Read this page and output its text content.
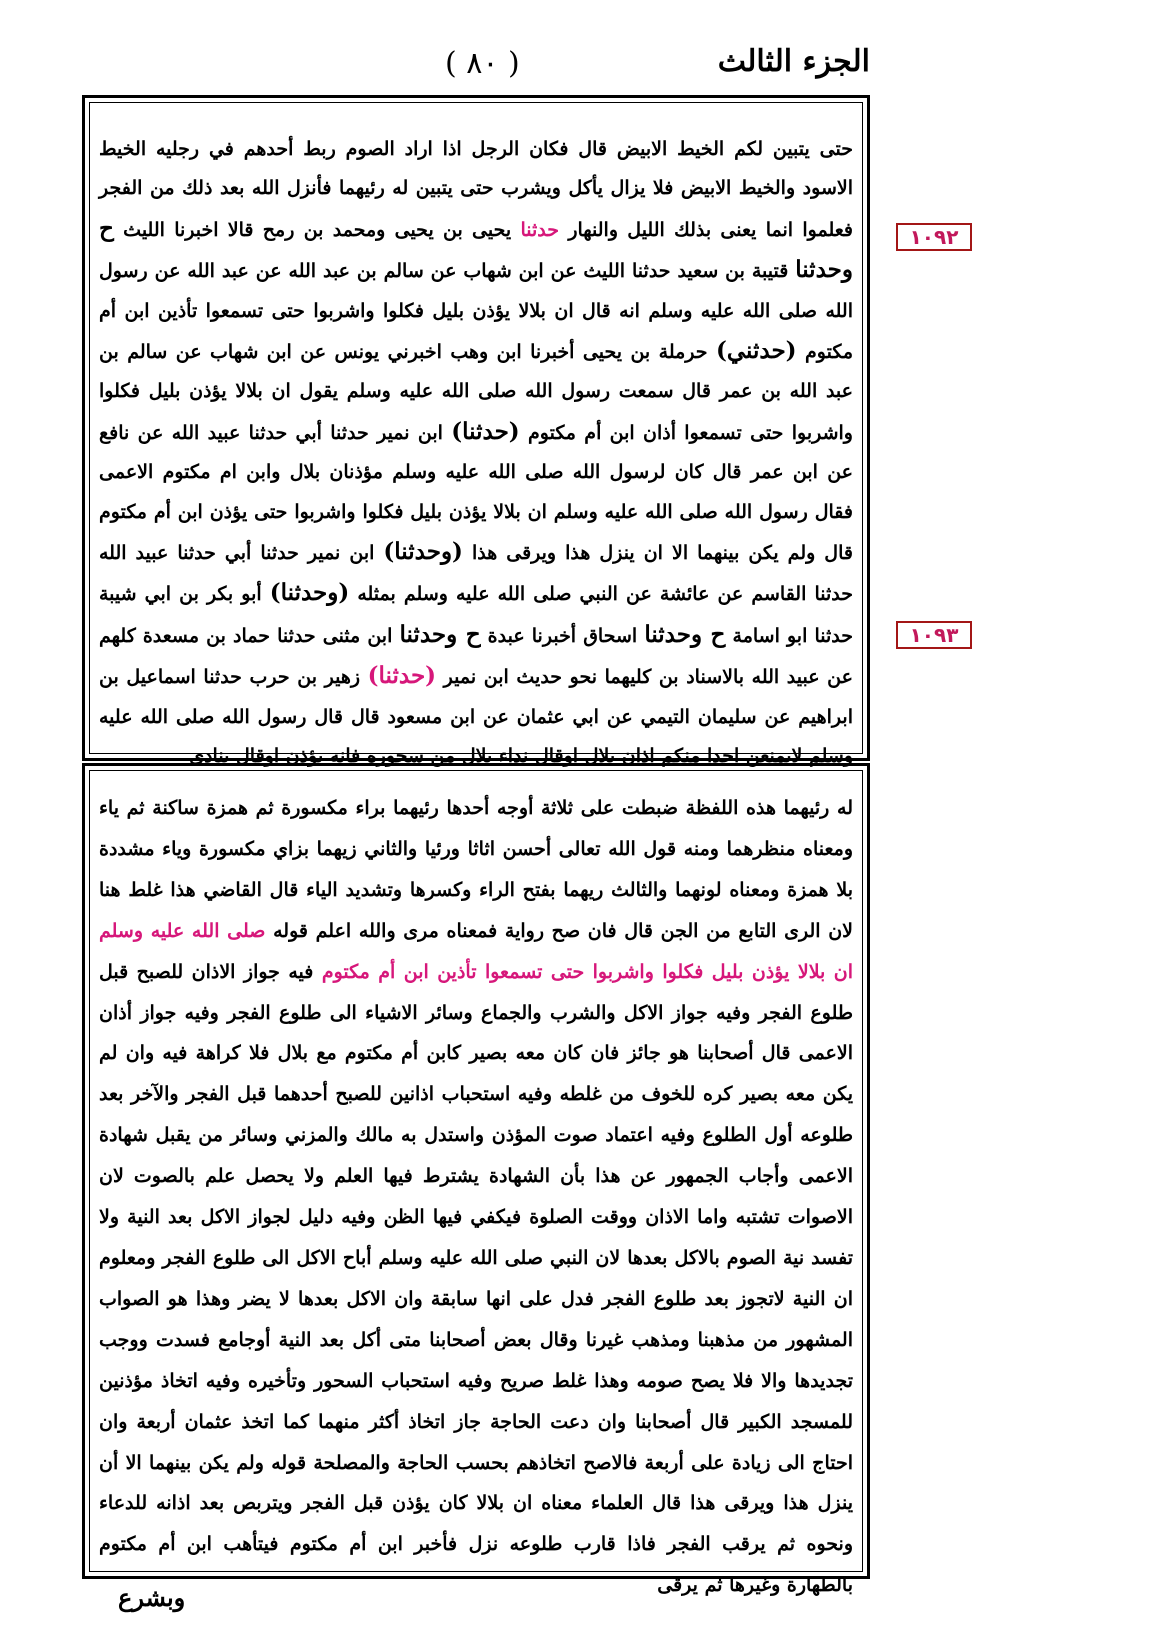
الجزء الثالث
( ٨٠ )

حتى يتبين لكم الخيط الابيض قال فكان الرجل اذا اراد الصوم ربط أحدهم في رجليه الخيط الاسود والخيط الابيض فلا يزال يأكل ويشرب حتى يتبين له رئيهما فأنزل الله بعد ذلك من الفجر فعلموا انما يعنى بذلك الليل والنهار حدثنا يحيى بن يحيى ومحمد بن رمح قالا اخبرنا الليث ح وحدثنا قتيبة بن سعيد حدثنا الليث عن ابن شهاب عن سالم بن عبد الله عن عبد الله عن رسول الله صلى الله عليه وسلم انه قال ان بلالا يؤذن بليل فكلوا واشربوا حتى تسمعوا تأذين ابن أم مكتوم (حدثني) حرملة بن يحيى أخبرنا ابن وهب اخبرني يونس عن ابن شهاب عن سالم بن عبد الله بن عمر قال سمعت رسول الله صلى الله عليه وسلم يقول ان بلالا يؤذن بليل فكلوا واشربوا حتى تسمعوا أذان ابن أم مكتوم (حدثنا) ابن نمير حدثنا أبي حدثنا عبيد الله عن نافع عن ابن عمر قال كان لرسول الله صلى الله عليه وسلم مؤذنان بلال وابن ام مكتوم الاعمى فقال رسول الله صلى الله عليه وسلم ان بلالا يؤذن بليل فكلوا واشربوا حتى يؤذن ابن أم مكتوم قال ولم يكن بينهما الا ان ينزل هذا ويرقى هذا (وحدثنا) ابن نمير حدثنا أبي حدثنا عبيد الله حدثنا القاسم عن عائشة عن النبي صلى الله عليه وسلم بمثله (وحدثنا) أبو بكر بن ابي شيبة حدثنا ابو اسامة ح وحدثنا اسحاق أخبرنا عبدة ح وحدثنا ابن مثنى حدثنا حماد بن مسعدة كلهم عن عبيد الله بالاسناد بن كليهما نحو حديث ابن نمير (حدثنا) زهير بن حرب حدثنا اسماعيل بن ابراهيم عن سليمان التيمي عن ابي عثمان عن ابن مسعود قال قال رسول الله صلى الله عليه وسلم لايمنعن احدا منكم اذان بلال اوقال نداء بلال من سحوره فانه يؤذن اوقال ينادى

١٠٩٢
١٠٩٣

له رئيهما هذه اللفظة ضبطت على ثلاثة أوجه أحدها رئيهما براء مكسورة ثم همزة ساكنة ثم ياء ومعناه منظرهما ومنه قول الله تعالى أحسن اثاثا ورئيا والثاني زيهما بزاي مكسورة وياء مشددة بلا همزة ومعناه لونهما والثالث ريهما بفتح الراء وكسرها وتشديد الياء قال القاضي هذا غلط هنا لان الرى التابع من الجن قال فان صح رواية فمعناه مرى والله اعلم قوله صلى الله عليه وسلم ان بلالا يؤذن بليل فكلوا واشربوا حتى تسمعوا تأذين ابن أم مكتوم فيه جواز الاذان للصبح قبل طلوع الفجر وفيه جواز الاكل والشرب والجماع وسائر الاشياء الى طلوع الفجر وفيه جواز أذان الاعمى قال أصحابنا هو جائز فان كان معه بصير كابن أم مكتوم مع بلال فلا كراهة فيه وان لم يكن معه بصير كره للخوف من غلطه وفيه استحباب اذانين للصبح أحدهما قبل الفجر والآخر بعد طلوعه أول الطلوع وفيه اعتماد صوت المؤذن واستدل به مالك والمزني وسائر من يقبل شهادة الاعمى وأجاب الجمهور عن هذا بأن الشهادة يشترط فيها العلم ولا يحصل علم بالصوت لان الاصوات تشتبه واما الاذان ووقت الصلوة فيكفي فيها الظن وفيه دليل لجواز الاكل بعد النية ولا تفسد نية الصوم بالاكل بعدها لان النبي صلى الله عليه وسلم أباح الاكل الى طلوع الفجر ومعلوم ان النية لاتجوز بعد طلوع الفجر فدل على انها سابقة وان الاكل بعدها لا يضر وهذا هو الصواب المشهور من مذهبنا ومذهب غيرنا وقال بعض أصحابنا متى أكل بعد النية أوجامع فسدت ووجب تجديدها والا فلا يصح صومه وهذا غلط صريح وفيه استحباب السحور وتأخيره وفيه اتخاذ مؤذنين للمسجد الكبير قال أصحابنا وان دعت الحاجة جاز اتخاذ أكثر منهما كما اتخذ عثمان أربعة وان احتاج الى زيادة على أربعة فالاصح اتخاذهم بحسب الحاجة والمصلحة قوله ولم يكن بينهما الا أن ينزل هذا ويرقى هذا قال العلماء معناه ان بلالا كان يؤذن قبل الفجر ويتربص بعد اذانه للدعاء ونحوه ثم يرقب الفجر فاذا قارب طلوعه نزل فأخبر ابن أم مكتوم فيتأهب ابن أم مكتوم بالطهارة وغيرها ثم يرقى

وبشرع
